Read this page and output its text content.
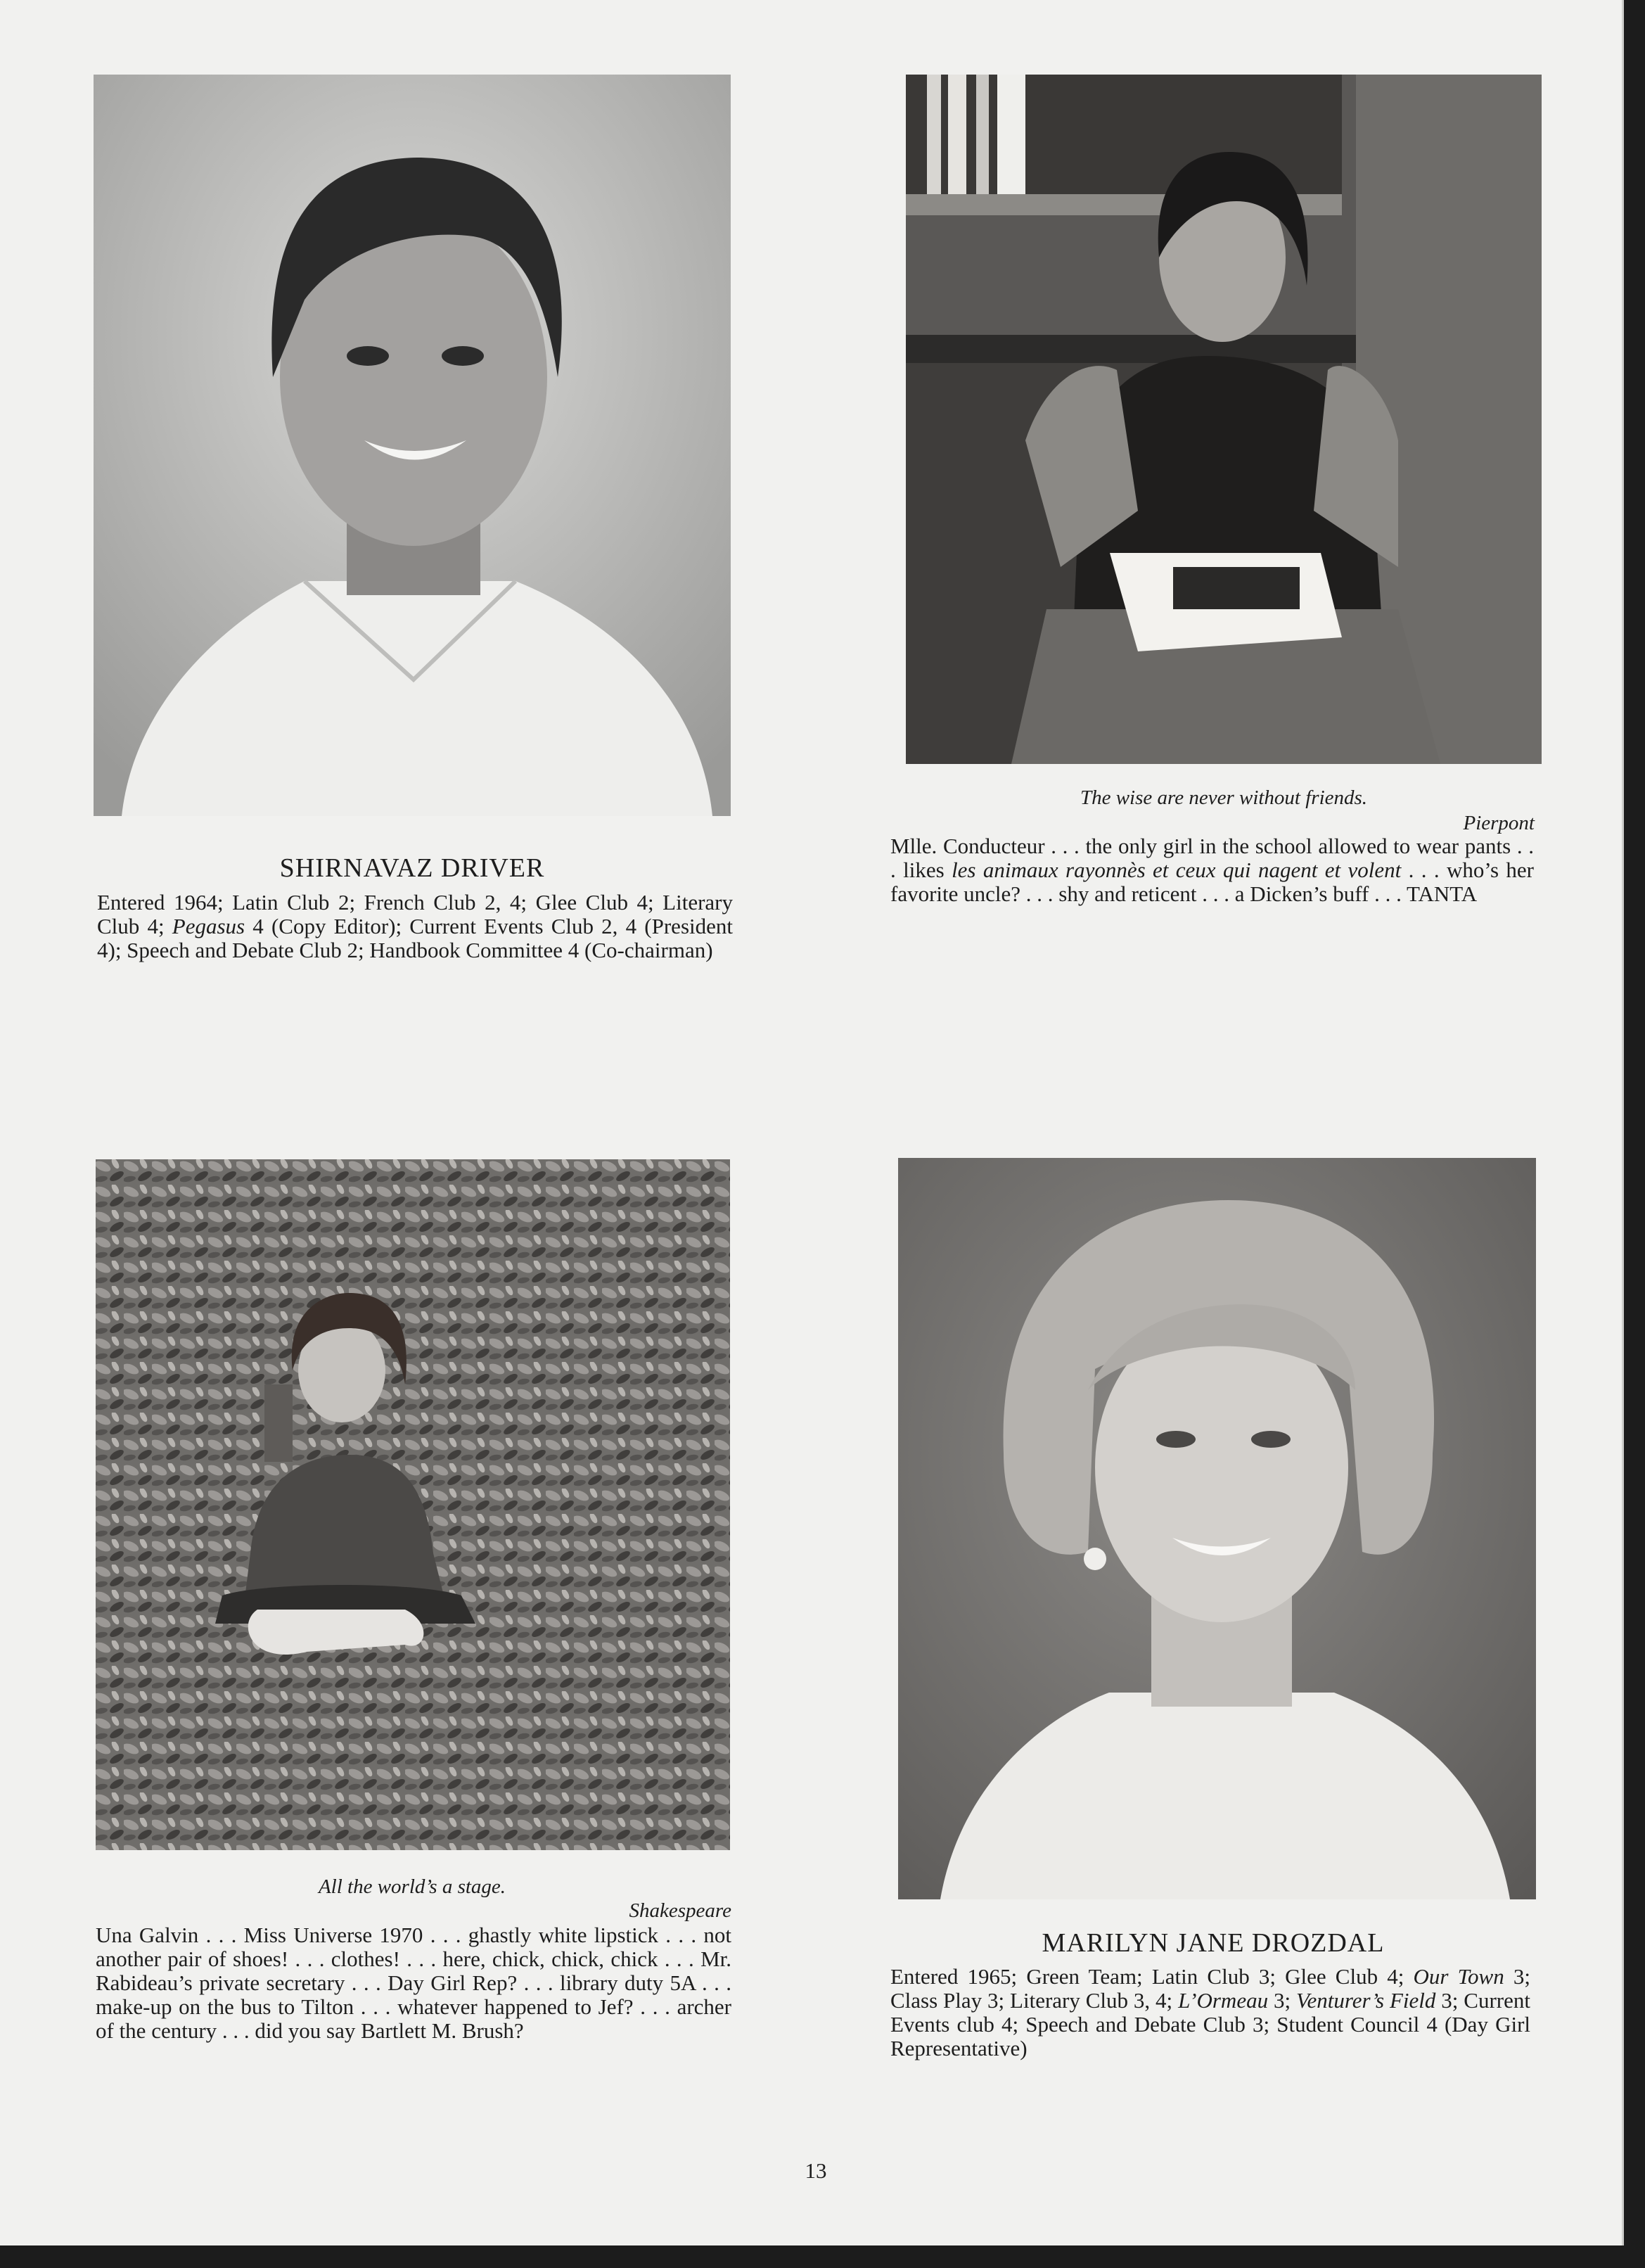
SHIRNAVAZ DRIVER
Entered 1964; Latin Club 2; French Club 2, 4; Glee Club 4; Literary Club 4; Pegasus 4 (Copy Editor); Current Events Club 2, 4 (President 4); Speech and Debate Club 2; Handbook Committee 4 (Co-chairman)
The wise are never without friends.
Pierpont
Mlle. Conducteur . . . the only girl in the school allowed to wear pants . . . likes les animaux rayonnès et ceux qui nagent et volent . . . who’s her favorite uncle? . . . shy and reticent . . . a Dicken’s buff . . . TANTA
All the world’s a stage.
Shakespeare
Una Galvin . . . Miss Universe 1970 . . . ghastly white lipstick . . . not another pair of shoes! . . . clothes! . . . here, chick, chick, chick . . . Mr. Rabideau’s private secretary . . . Day Girl Rep? . . . library duty 5A . . . make-up on the bus to Tilton . . . whatever happened to Jef? . . . archer of the century . . . did you say Bartlett M. Brush?
MARILYN JANE DROZDAL
Entered 1965; Green Team; Latin Club 3; Glee Club 4; Our Town 3; Class Play 3; Literary Club 3, 4; L’Ormeau 3; Venturer’s Field 3; Current Events club 4; Speech and Debate Club 3; Student Council 4 (Day Girl Representative)
13
